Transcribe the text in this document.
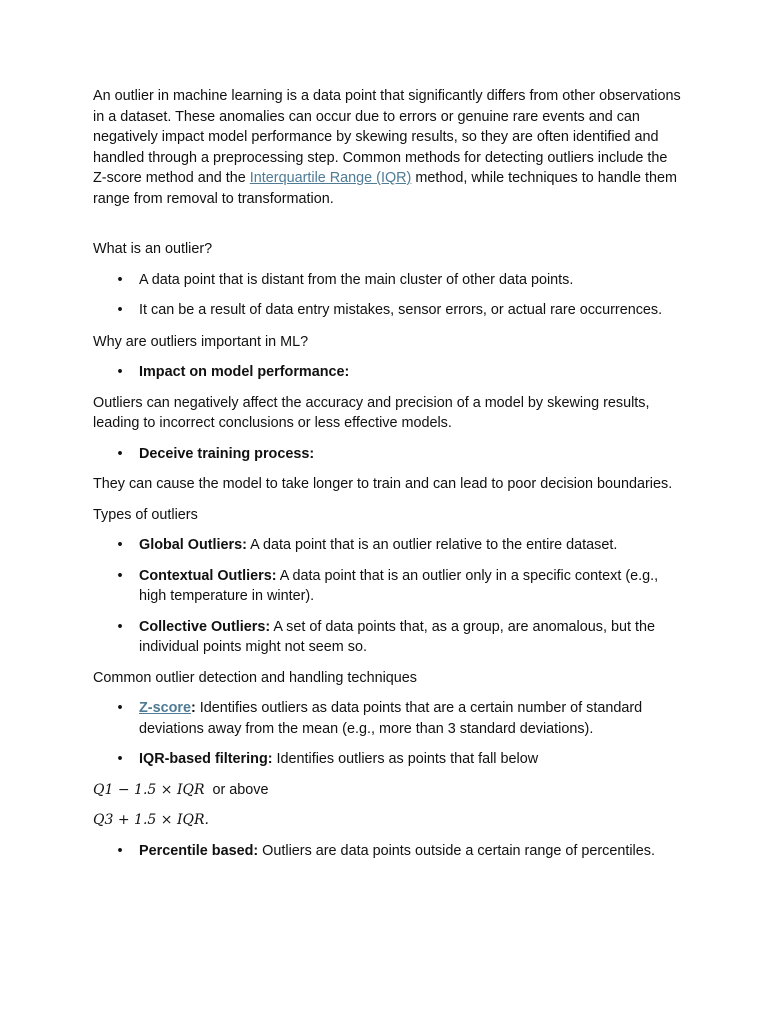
An outlier in machine learning is a data point that significantly differs from other observations in a dataset. These anomalies can occur due to errors or genuine rare events and can negatively impact model performance by skewing results, so they are often identified and handled through a preprocessing step. Common methods for detecting outliers include the Z-score method and the Interquartile Range (IQR) method, while techniques to handle them range from removal to transformation.

What is an outlier?

• A data point that is distant from the main cluster of other data points.
• It can be a result of data entry mistakes, sensor errors, or actual rare occurrences.

Why are outliers important in ML?

• Impact on model performance:

Outliers can negatively affect the accuracy and precision of a model by skewing results, leading to incorrect conclusions or less effective models.

• Deceive training process:

They can cause the model to take longer to train and can lead to poor decision boundaries.

Types of outliers

• Global Outliers: A data point that is an outlier relative to the entire dataset.
• Contextual Outliers: A data point that is an outlier only in a specific context (e.g., high temperature in winter).
• Collective Outliers: A set of data points that, as a group, are anomalous, but the individual points might not seem so.

Common outlier detection and handling techniques

• Z-score: Identifies outliers as data points that are a certain number of standard deviations away from the mean (e.g., more than 3 standard deviations).
• IQR-based filtering: Identifies outliers as points that fall below

Q1 − 1.5 × IQR  or above

Q3 + 1.5 × IQR.

• Percentile based: Outliers are data points outside a certain range of percentiles.
